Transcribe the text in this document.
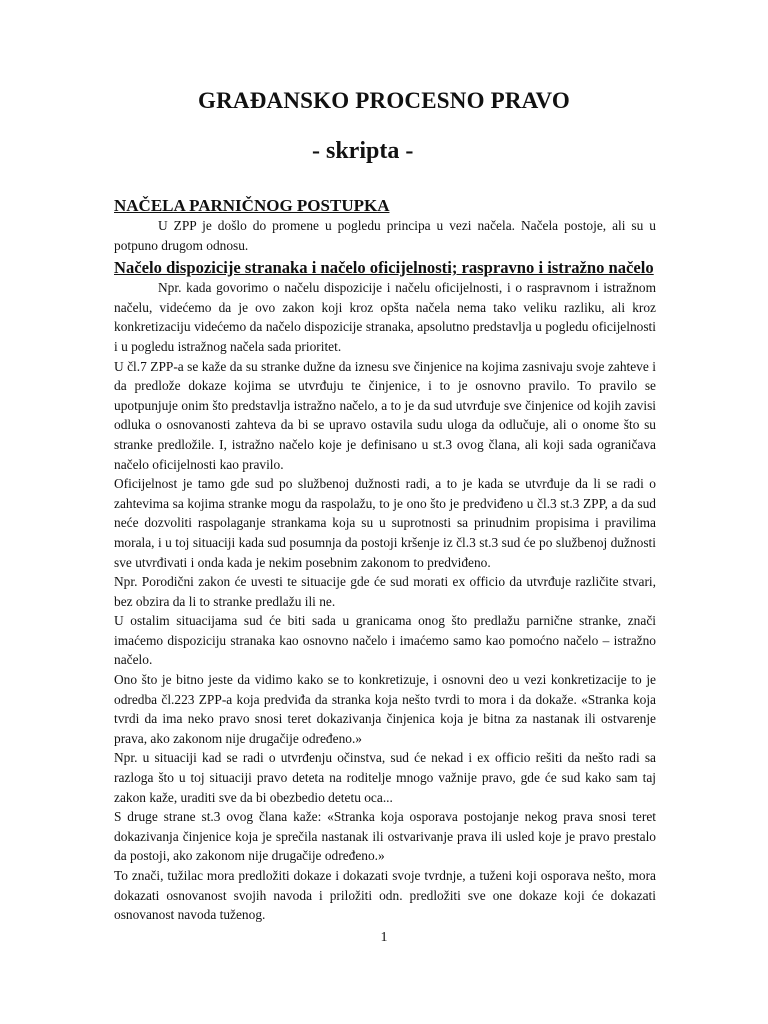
GRAĐANSKO PROCESNO PRAVO
- skripta -
NAČELA PARNIČNOG POSTUPKA

U ZPP je došlo do promene u pogledu principa u vezi načela. Načela postoje, ali su u potpuno drugom odnosu.

Načelo dispozicije stranaka i načelo oficijelnosti; raspravno i istražno načelo

Npr. kada govorimo o načelu dispozicije i načelu oficijelnosti, i o raspravnom i istražnom načelu, videćemo da je ovo zakon koji kroz opšta načela nema tako veliku razliku, ali kroz konkretizaciju videćemo da načelo dispozicije stranaka, apsolutno predstavlja u pogledu oficijelnosti i u pogledu istražnog načela sada prioritet.

U čl.7 ZPP-a se kaže da su stranke dužne da iznesu sve činjenice na kojima zasnivaju svoje zahteve i da predlože dokaze kojima se utvrđuju te činjenice, i to je osnovno pravilo. To pravilo se upotpunjuje onim što predstavlja istražno načelo, a to je da sud utvrđuje sve činjenice od kojih zavisi odluka o osnovanosti zahteva da bi se upravo ostavila sudu uloga da odlučuje, ali o onome što su stranke predložile. I, istražno načelo koje je definisano u st.3 ovog člana, ali koji sada ograničava načelo oficijelnosti kao pravilo.

Oficijelnost je tamo gde sud po službenoj dužnosti radi, a to je kada se utvrđuje da li se radi o zahtevima sa kojima stranke mogu da raspolažu, to je ono što je predviđeno u čl.3 st.3 ZPP, a da sud neće dozvoliti raspolaganje strankama koja su u suprotnosti sa prinudnim propisima i pravilima morala, i u toj situaciji kada sud posumnja da postoji kršenje iz čl.3 st.3 sud će po službenoj dužnosti sve utvrđivati i onda kada je nekim posebnim zakonom to predviđeno.

Npr. Porodični zakon će uvesti te situacije gde će sud morati ex officio da utvrđuje različite stvari, bez obzira da li to stranke predlažu ili ne.

U ostalim situacijama sud će biti sada u granicama onog što predlažu parnične stranke, znači imaćemo dispoziciju stranaka kao osnovno načelo i imaćemo samo kao pomoćno načelo – istražno načelo.

Ono što je bitno jeste da vidimo kako se to konkretizuje, i osnovni deo u vezi konkretizacije to je odredba čl.223 ZPP-a koja predviđa da stranka koja nešto tvrdi to mora i da dokaže. «Stranka koja tvrdi da ima neko pravo snosi teret dokazivanja činjenica koja je bitna za nastanak ili ostvarenje prava, ako zakonom nije drugačije određeno.»

Npr. u situaciji kad se radi o utvrđenju očinstva, sud će nekad i ex officio rešiti da nešto radi sa razloga što u toj situaciji pravo deteta na roditelje mnogo važnije pravo, gde će sud kako sam taj zakon kaže, uraditi sve da bi obezbedio detetu oca...

S druge strane st.3 ovog člana kaže: «Stranka koja osporava postojanje nekog prava snosi teret dokazivanja činjenice koja je sprečila nastanak ili ostvarivanje prava ili usled koje je pravo prestalo da postoji, ako zakonom nije drugačije određeno.»

To znači, tužilac mora predložiti dokaze i dokazati svoje tvrdnje, a tuženi koji osporava nešto, mora dokazati osnovanost svojih navoda i priložiti odn. predložiti sve one dokaze koji će dokazati osnovanost navoda tuženog.

1
